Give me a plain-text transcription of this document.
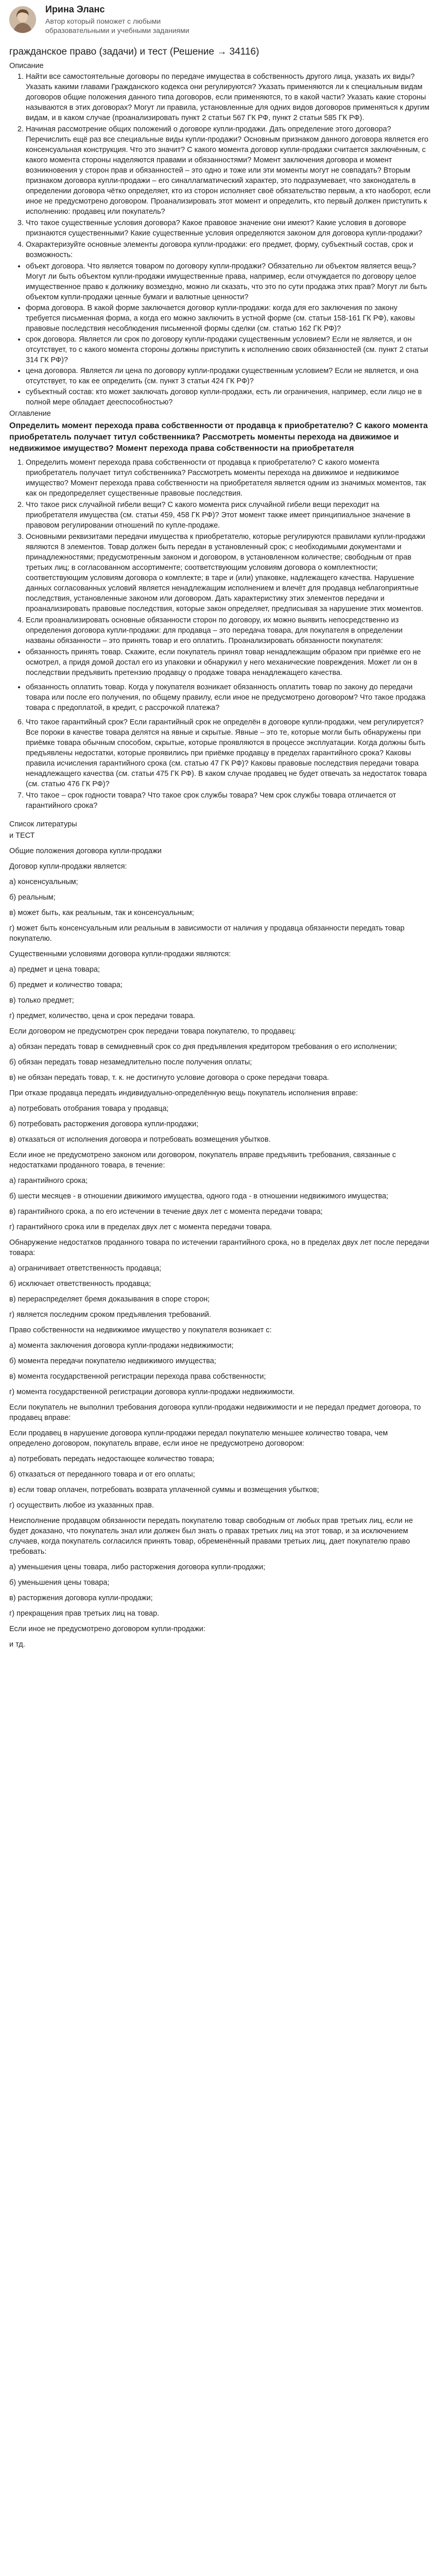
Ирина Эланс
Автор который поможет с любыми образовательными и учебными заданиями
гражданское право (задачи) и тест (Решение → 34116)
Описание
1. Найти все самостоятельные договоры по передаче имущества в собственность другого лица, указать их виды? Указать какими главами Гражданского кодекса они регулируются? Указать применяются ли к специальным видам договоров общие положения данного типа договоров, если применяются, то в какой части? Указать какие стороны называются в этих договорах? Могут ли правила, установленные для одних видов договоров применяться к другим видам, и в каком случае (проанализировать пункт 2 статьи 567 ГК РФ, пункт 2 статьи 585 ГК РФ).
2. Начиная рассмотрение общих положений о договоре купли-продажи. Дать определение этого договора? Перечислить ещё раз все специальные виды купли-продажи? Основным признаком данного договора является его консенсуальная конструкция. Что это значит? С какого момента договор купли-продажи считается заключённым, с какого момента стороны наделяются правами и обязанностями? Момент заключения договора и момент возникновения у сторон прав и обязанностей – это одно и тоже или эти моменты могут не совпадать? Вторым признаком договора купли-продажи – его синаллагматический характер, это подразумевает, что законодатель в определении договора чётко определяет, кто из сторон исполняет своё обязательство первым, а кто наоборот, если иное не предусмотрено договором. Проанализировать этот момент и определить, кто первый должен приступить к исполнению: продавец или покупатель?
3. Что такое существенные условия договора? Какое правовое значение они имеют? Какие условия в договоре признаются существенными? Какие существенные условия определяются законом для договора купли-продажи?
4. Охарактеризуйте основные элементы договора купли-продажи: его предмет, форму, субъектный состав, срок и возможность:
• объект договора. Что является товаром по договору купли-продажи? Обязательно ли объектом является вещь? Могут ли быть объектом купли-продажи имущественные права, например, если отчуждается по договору целое имущественное право к должнику возмездно, можно ли сказать, что это по сути продажа этих прав? Могут ли быть объектом купли-продажи ценные бумаги и валютные ценности?
• форма договора. В какой форме заключается договор купли-продажи: когда для его заключения по закону требуется письменная форма, а когда его можно заключить в устной форме (см. статьи 158-161 ГК РФ), каковы правовые последствия несоблюдения письменной формы сделки (см. статью 162 ГК РФ)?
• срок договора. Является ли срок по договору купли-продажи существенным условием? Если не является, и он отсутствует, то с какого момента стороны должны приступить к исполнению своих обязанностей (см. пункт 2 статьи 314 ГК РФ)?
• цена договора. Является ли цена по договору купли-продажи существенным условием? Если не является, и она отсутствует, то как ее определить (см. пункт 3 статьи 424 ГК РФ)?
• субъектный состав: кто может заключать договор купли-продажи, есть ли ограничения, например, если лицо не в полной мере обладает дееспособностью?
Оглавление
Определить момент перехода права собственности от продавца к приобретателю? С какого момента приобретатель получает титул собственника? Рассмотреть моменты перехода на движимое и недвижимое имущество? Момент перехода права собственности на приобретателя
1. Определить момент перехода права собственности от продавца к приобретателю? С какого момента приобретатель получает титул собственника? Рассмотреть моменты перехода на движимое и недвижимое имущество? Момент перехода права собственности на приобретателя является одним из значимых моментов, так как он предопределяет существенные правовые последствия.
2. Что такое риск случайной гибели вещи? С какого момента риск случайной гибели вещи переходит на приобретателя имущества (см. статьи 459, 458 ГК РФ)? Этот момент также имеет принципиальное значение в правовом регулировании отношений по купле-продаже.
3. Основными реквизитами передачи имущества к приобретателю, которые регулируются правилами купли-продажи являются 8 элементов. Товар должен быть передан в установленный срок; с необходимыми документами и принадлежностями; предусмотренным законом и договором, в установленном количестве; свободным от прав третьих лиц; в согласованном ассортименте; соответствующим условиям договора о комплектности; соответствующим условиям договора о комплекте; в таре и (или) упаковке, надлежащего качества. Нарушение данных согласованных условий является ненадлежащим исполнением и влечёт для продавца неблагоприятные последствия, установленные законом или договором. Дать характеристику этих элементов передачи и проанализировать правовые последствия, которые закон определяет, предписывая за нарушение этих моментов.
4. Если проанализировать основные обязанности сторон по договору, их можно выявить непосредственно из определения договора купли-продажи: для продавца – это передача товара, для покупателя в определении названы обязанности – это принять товар и его оплатить. Проанализировать обязанности покупателя:
• обязанность принять товар. Скажите, если покупатель принял товар ненадлежащим образом при приёмке его не осмотрел, а придя домой достал его из упаковки и обнаружил у него механические повреждения. Может ли он в последствии предъявить претензию продавцу о продаже товара ненадлежащего качества.
• обязанность оплатить товар. Когда у покупателя возникает обязанность оплатить товар по закону до передачи товара или после его получения, по общему правилу, если иное не предусмотрено договором? Что такое продажа товара с предоплатой, в кредит, с рассрочкой платежа?
6. Что такое гарантийный срок? Если гарантийный срок не определён в договоре купли-продажи, чем регулируется? Все пороки в качестве товара делятся на явные и скрытые. Явные – это те, которые могли быть обнаружены при приёмке товара обычным способом, скрытые, которые проявляются в процессе эксплуатации. Когда должны быть предъявлены недостатки, которые проявились при приёмке продавцу в пределах гарантийного срока? Каковы правила исчисления гарантийного срока (см. статью 47 ГК РФ)? Каковы правовые последствия передачи товара ненадлежащего качества (см. статьи 475 ГК РФ). В каком случае продавец не будет отвечать за недостаток товара (см. статью 476 ГК РФ)?
7. Что такое – срок годности товара? Что такое срок службы товара? Чем срок службы товара отличается от гарантийного срока?
Список литературы
и ТЕСТ
Общие положения договора купли-продажи
Договор купли-продажи является:
а) консенсуальным;
б) реальным;
в) может быть, как реальным, так и консенсуальным;
г) может быть консенсуальным или реальным в зависимости от наличия у продавца обязанности передать товар покупателю.
Существенными условиями договора купли-продажи являются:
а) предмет и цена товара;
б) предмет и количество товара;
в) только предмет;
г) предмет, количество, цена и срок передачи товара.
Если договором не предусмотрен срок передачи товара покупателю, то продавец:
а) обязан передать товар в семидневный срок со дня предъявления кредитором требования о его исполнении;
б) обязан передать товар незамедлительно после получения оплаты;
в) не обязан передать товар, т. к. не достигнуто условие договора о сроке передачи товара.
При отказе продавца передать индивидуально-определённую вещь покупатель исполнения вправе:
а) потребовать отобрания товара у продавца;
б) потребовать расторжения договора купли-продажи;
в) отказаться от исполнения договора и потребовать возмещения убытков.
Если иное не предусмотрено законом или договором, покупатель вправе предъявить требования, связанные с недостатками проданного товара, в течение:
а) гарантийного срока;
б) шести месяцев - в отношении движимого имущества, одного года - в отношении недвижимого имущества;
в) гарантийного срока, а по его истечении в течение двух лет с момента передачи товара;
г) гарантийного срока или в пределах двух лет с момента передачи товара.
Обнаружение недостатков проданного товара по истечении гарантийного срока, но в пределах двух лет после передачи товара:
а) ограничивает ответственность продавца;
б) исключает ответственность продавца;
в) перераспределяет бремя доказывания в споре сторон;
г) является последним сроком предъявления требований.
Право собственности на недвижимое имущество у покупателя возникает с:
а) момента заключения договора купли-продажи недвижимости;
б) момента передачи покупателю недвижимого имущества;
в) момента государственной регистрации перехода права собственности;
г) момента государственной регистрации договора купли-продажи недвижимости.
Если покупатель не выполнил требования договора купли-продажи недвижимости и не передал предмет договора, то продавец вправе:
Если продавец в нарушение договора купли-продажи передал покупателю меньшее количество товара, чем определено договором, покупатель вправе, если иное не предусмотрено договором:
а) потребовать передать недостающее количество товара;
б) отказаться от переданного товара и от его оплаты;
в) если товар оплачен, потребовать возврата уплаченной суммы и возмещения убытков;
г) осуществить любое из указанных прав.
Неисполнение продавцом обязанности передать покупателю товар свободным от любых прав третьих лиц, если не будет доказано, что покупатель знал или должен был знать о правах третьих лиц на этот товар, и за исключением случаев, когда покупатель согласился принять товар, обременённый правами третьих лиц, дает покупателю право требовать:
а) уменьшения цены товара, либо расторжения договора купли-продажи;
б) уменьшения цены товара;
в) расторжения договора купли-продажи;
г) прекращения прав третьих лиц на товар.
Если иное не предусмотрено договором купли-продажи:
и тд.
